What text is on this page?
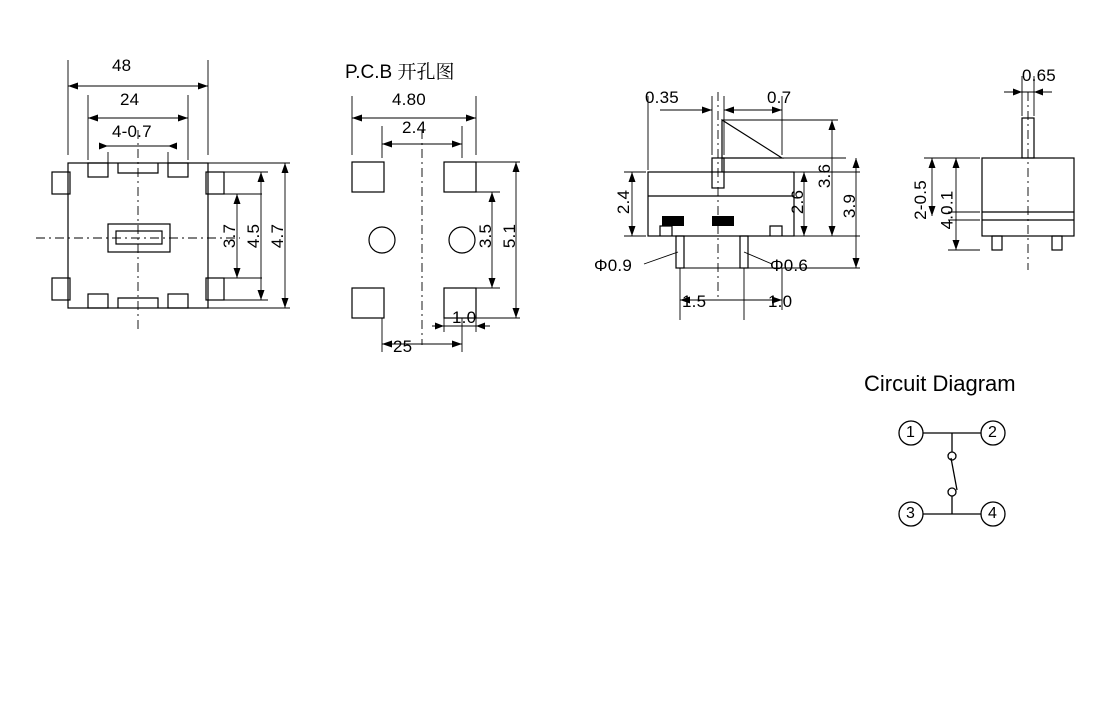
48
24
4-0.7
3.7 4.5 4.7
P.C.B 开孔图
4.80
2.4
3.5 5.1
1.0
25
0.35	0.7
2.4	2.6
3.6
3.9
Φ0.9	Φ0.6
1.5	1.0
0.65
2-0.5 4.0.1
Circuit Diagram
1	2
3	4
